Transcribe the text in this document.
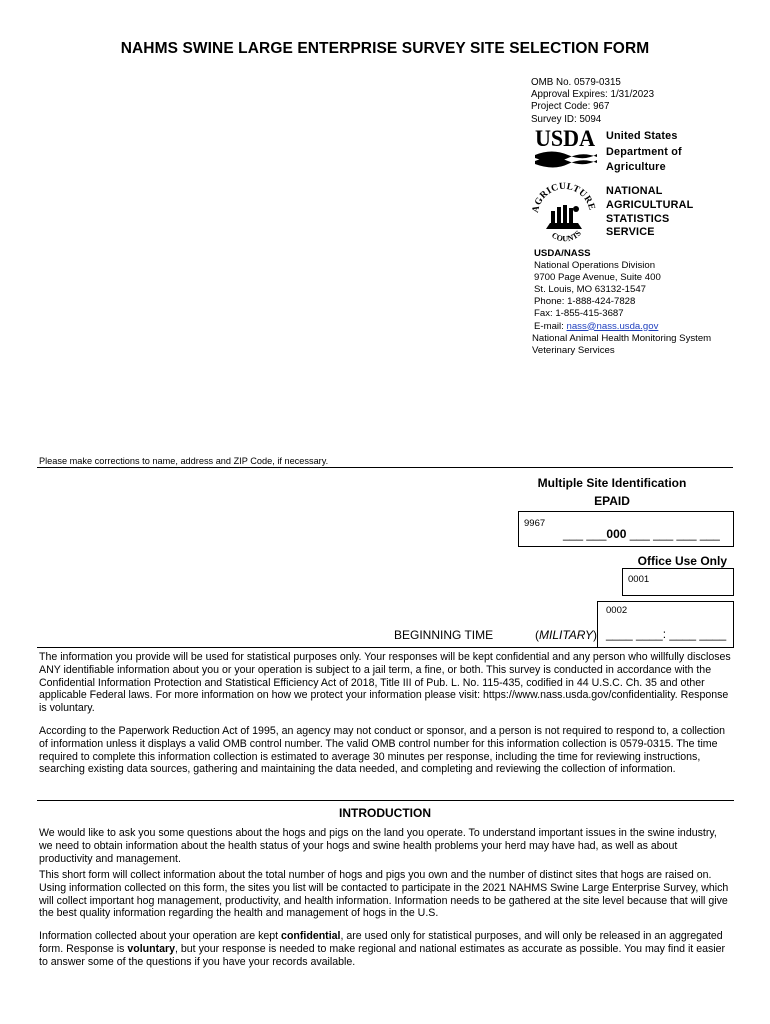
NAHMS SWINE LARGE ENTERPRISE SURVEY SITE SELECTION FORM
OMB No. 0579-0315
Approval Expires: 1/31/2023
Project Code: 967
Survey ID: 5094
USDA United States
Department of
Agriculture
AGRICULTURE
COUNTS
NATIONAL
AGRICULTURAL
STATISTICS
SERVICE
USDA/NASS
National Operations Division
9700 Page Avenue, Suite 400
St. Louis, MO 63132-1547
Phone: 1-888-424-7828
Fax: 1-855-415-3687
E-mail: nass@nass.usda.gov
National Animal Health Monitoring System
Veterinary Services
Please make corrections to name, address and ZIP Code, if necessary.
Multiple Site Identification
EPAID
9967
___ ___000 ___ ___ ___ ___
Office Use Only
0001
0002
BEGINNING TIME	(MILITARY) ____ ____: ____ ____
The information you provide will be used for statistical purposes only. Your responses will be kept confidential and any person who willfully discloses ANY identifiable information about you or your operation is subject to a jail term, a fine, or both. This survey is conducted in accordance with the Confidential Information Protection and Statistical Efficiency Act of 2018, Title III of Pub. L. No. 115-435, codified in 44 U.S.C. Ch. 35 and other applicable Federal laws. For more information on how we protect your information please visit: https://www.nass.usda.gov/confidentiality. Response is voluntary.
According to the Paperwork Reduction Act of 1995, an agency may not conduct or sponsor, and a person is not required to respond to, a collection of information unless it displays a valid OMB control number. The valid OMB control number for this information collection is 0579-0315. The time required to complete this information collection is estimated to average 30 minutes per response, including the time for reviewing instructions, searching existing data sources, gathering and maintaining the data needed, and completing and reviewing the collection of information.
INTRODUCTION
We would like to ask you some questions about the hogs and pigs on the land you operate. To understand important issues in the swine industry, we need to obtain information about the health status of your hogs and swine health problems your herd may have had, as well as about productivity and management.
This short form will collect information about the total number of hogs and pigs you own and the number of distinct sites that hogs are raised on. Using information collected on this form, the sites you list will be contacted to participate in the 2021 NAHMS Swine Large Enterprise Survey, which will collect important hog management, productivity, and health information. Information needs to be gathered at the site level because that will give the best quality information regarding the health and management of hogs in the U.S.
Information collected about your operation are kept confidential, are used only for statistical purposes, and will only be released in an aggregated form. Response is voluntary, but your response is needed to make regional and national estimates as accurate as possible. You may find it easier to answer some of the questions if you have your records available.
